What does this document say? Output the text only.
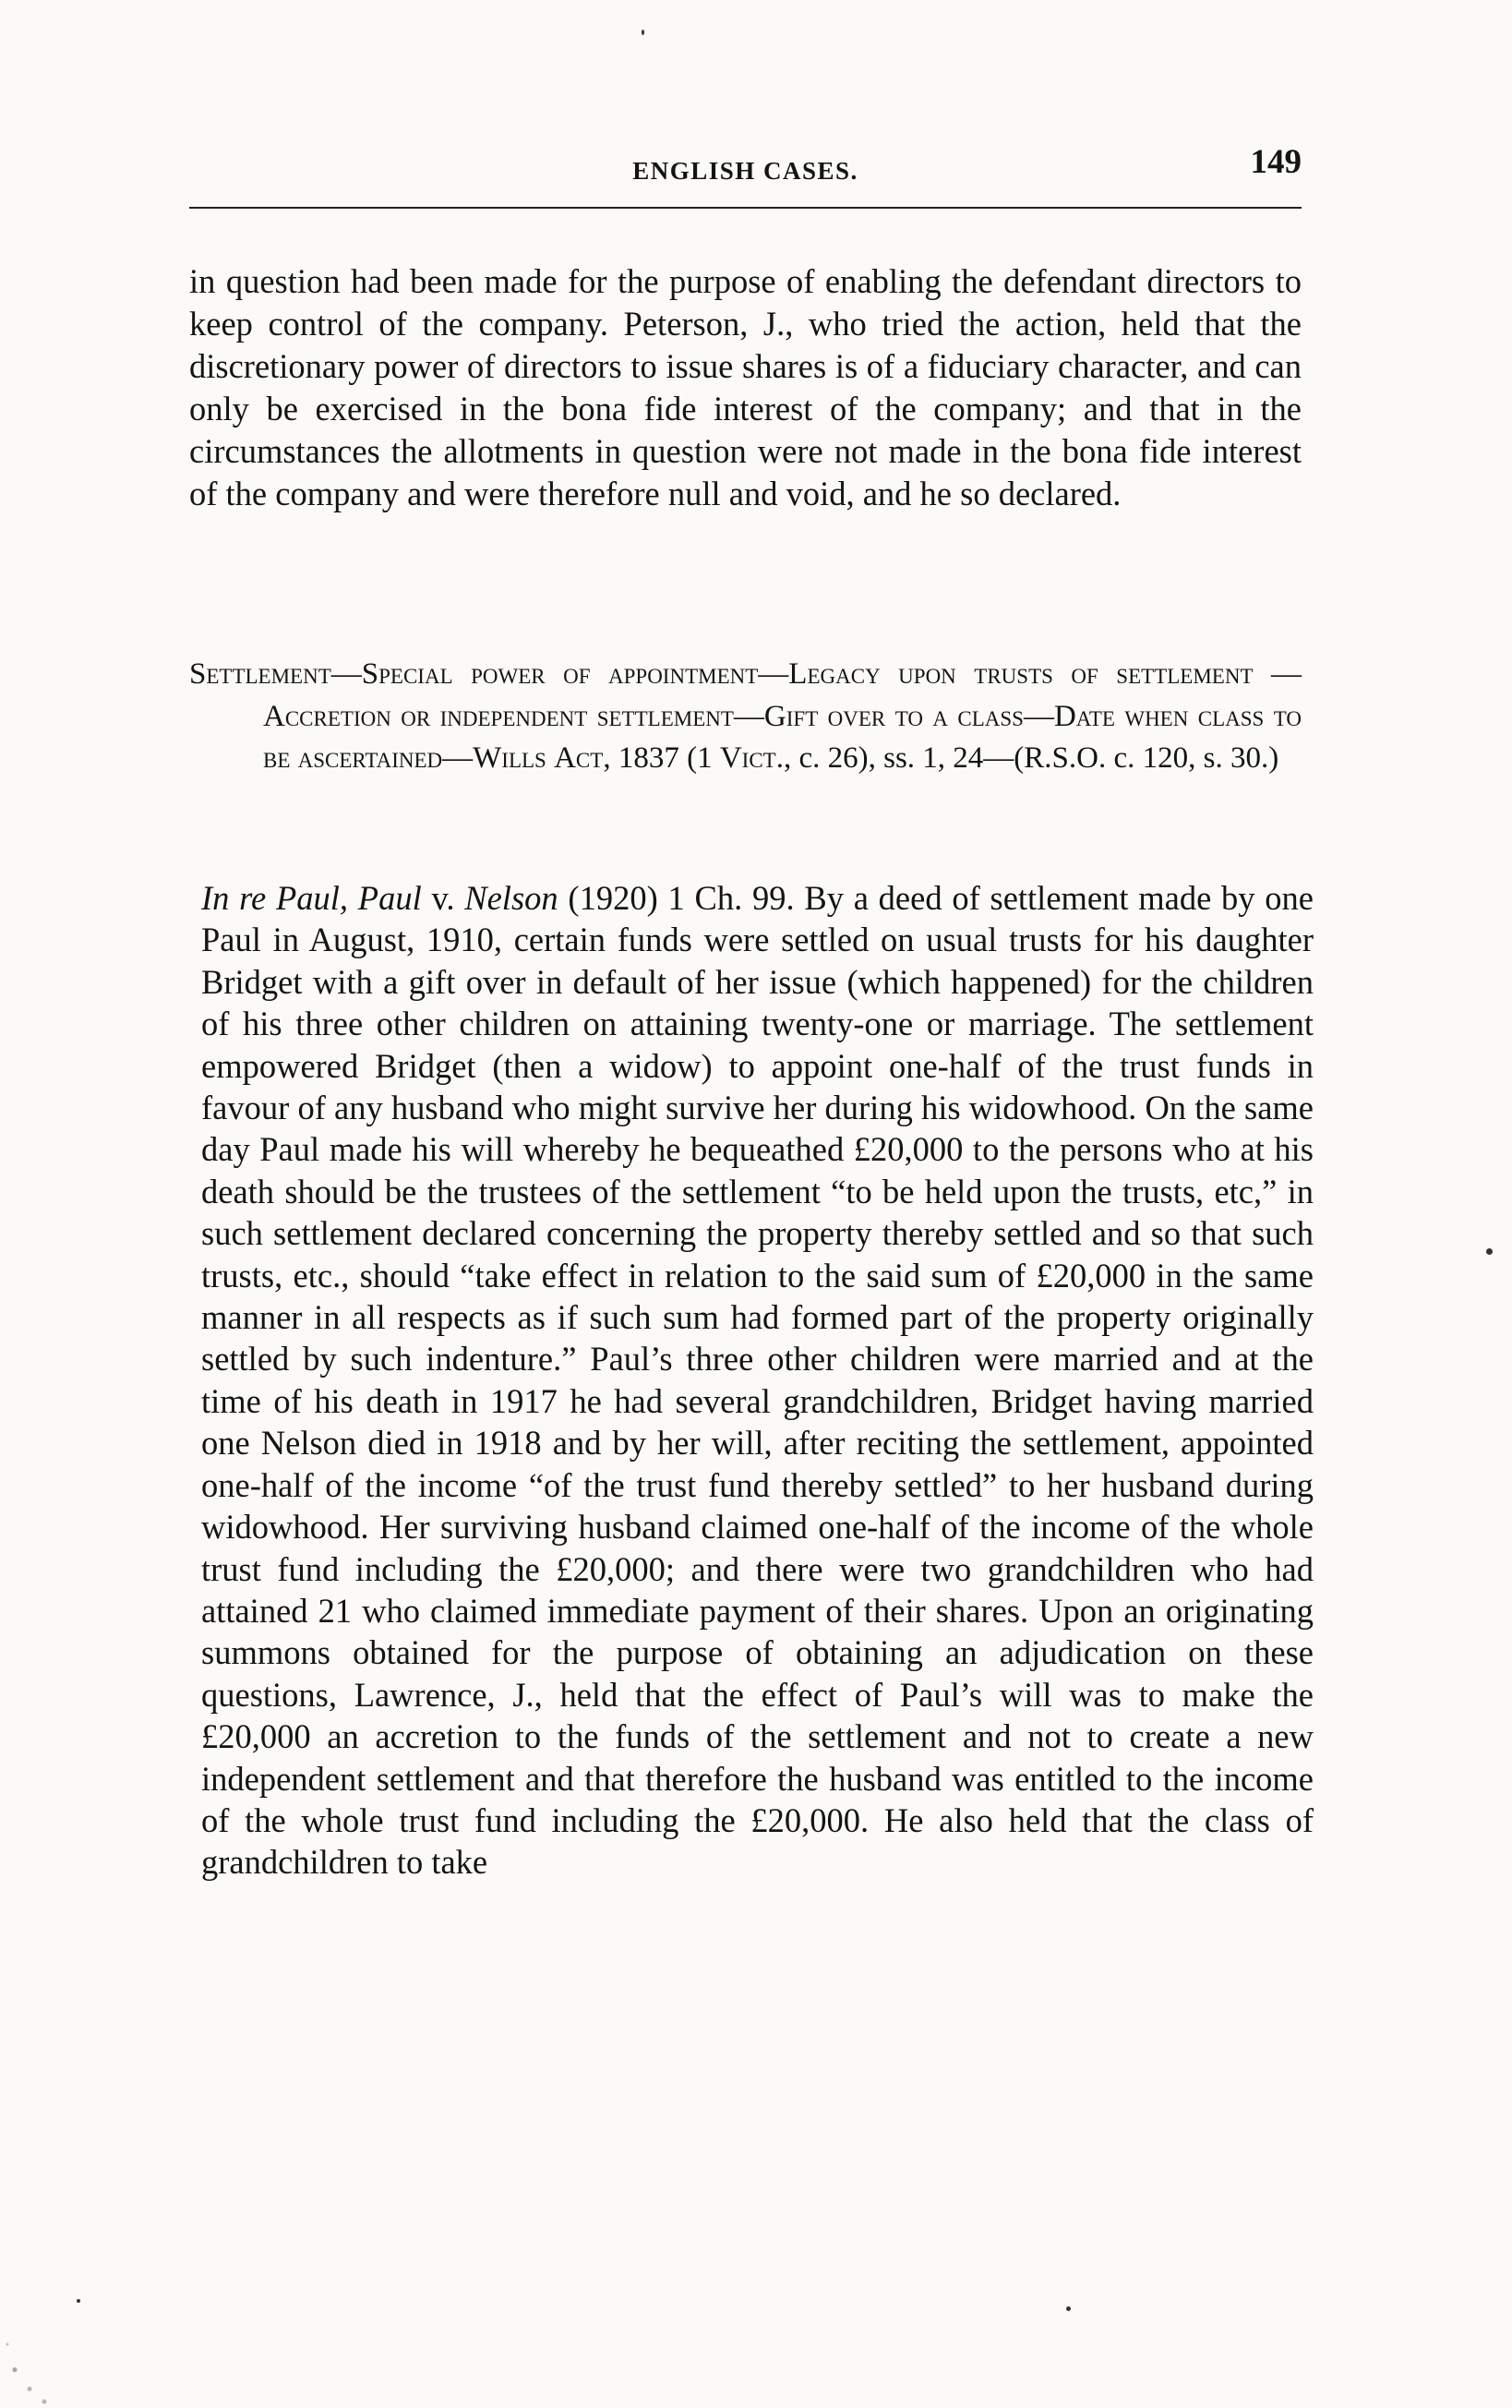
ENGLISH CASES.	149

in question had been made for the purpose of enabling the defendant directors to keep control of the company. Peterson, J., who tried the action, held that the discretionary power of directors to issue shares is of a fiduciary character, and can only be exercised in the bona fide interest of the company; and that in the circumstances the allotments in question were not made in the bona fide interest of the company and were therefore null and void, and he so declared.

Settlement—Special power of appointment—Legacy upon trusts of settlement — Accretion or independent settlement—Gift over to a class—Date when class to be ascertained—Wills Act, 1837 (1 Vict., c. 26), ss. 1, 24—(R.S.O. c. 120, s. 30.)

In re Paul, Paul v. Nelson (1920) 1 Ch. 99. By a deed of settlement made by one Paul in August, 1910, certain funds were settled on usual trusts for his daughter Bridget with a gift over in default of her issue (which happened) for the children of his three other children on attaining twenty-one or marriage. The settlement empowered Bridget (then a widow) to appoint one-half of the trust funds in favour of any husband who might survive her during his widowhood. On the same day Paul made his will whereby he bequeathed £20,000 to the persons who at his death should be the trustees of the settlement “to be held upon the trusts, etc,” in such settlement declared concerning the property thereby settled and so that such trusts, etc., should “take effect in relation to the said sum of £20,000 in the same manner in all respects as if such sum had formed part of the property originally settled by such indenture.” Paul’s three other children were married and at the time of his death in 1917 he had several grandchildren, Bridget having married one Nelson died in 1918 and by her will, after reciting the settlement, appointed one-half of the income “of the trust fund thereby settled” to her husband during widowhood. Her surviving husband claimed one-half of the income of the whole trust fund including the £20,000; and there were two grandchildren who had attained 21 who claimed immediate payment of their shares. Upon an originating summons obtained for the purpose of obtaining an adjudication on these questions, Lawrence, J., held that the effect of Paul’s will was to make the £20,000 an accretion to the funds of the settlement and not to create a new independent settlement and that therefore the husband was entitled to the income of the whole trust fund including the £20,000. He also held that the class of grandchildren to take
